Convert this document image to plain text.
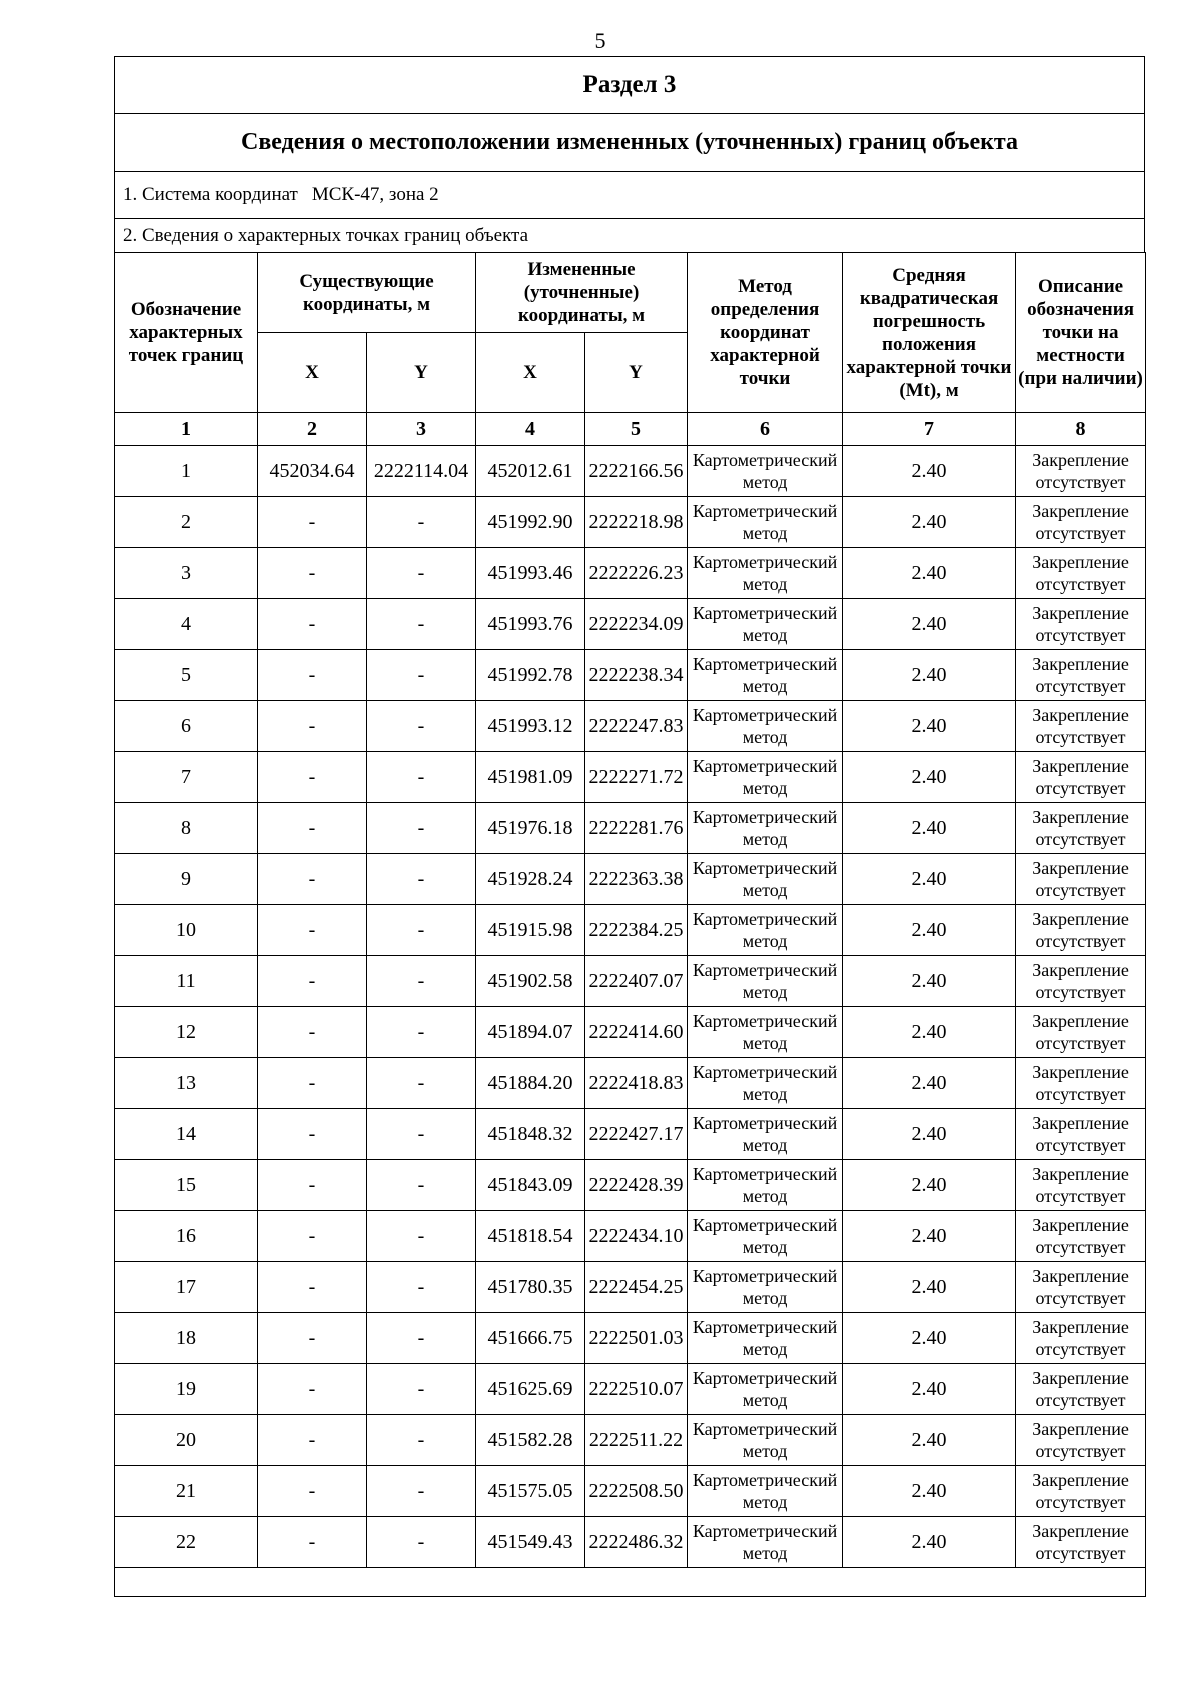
5
Раздел 3
Сведения о местоположении измененных (уточненных) границ объекта
1. Система координат МСК-47, зона 2
2. Сведения о характерных точках границ объекта
Обозначение характерных точек границ	Существующие координаты, м		Измененные (уточненные) координаты, м		Метод определения координат характерной точки	Средняя квадратическая погрешность положения характерной точки (Mt), м	Описание обозначения точки на местности (при наличии)
	X	Y	X	Y			
1	2	3	4	5	6	7	8
1	452034.64	2222114.04	452012.61	2222166.56	Картометрический метод	2.40	Закрепление отсутствует
2	-	-	451992.90	2222218.98	Картометрический метод	2.40	Закрепление отсутствует
3	-	-	451993.46	2222226.23	Картометрический метод	2.40	Закрепление отсутствует
4	-	-	451993.76	2222234.09	Картометрический метод	2.40	Закрепление отсутствует
5	-	-	451992.78	2222238.34	Картометрический метод	2.40	Закрепление отсутствует
6	-	-	451993.12	2222247.83	Картометрический метод	2.40	Закрепление отсутствует
7	-	-	451981.09	2222271.72	Картометрический метод	2.40	Закрепление отсутствует
8	-	-	451976.18	2222281.76	Картометрический метод	2.40	Закрепление отсутствует
9	-	-	451928.24	2222363.38	Картометрический метод	2.40	Закрепление отсутствует
10	-	-	451915.98	2222384.25	Картометрический метод	2.40	Закрепление отсутствует
11	-	-	451902.58	2222407.07	Картометрический метод	2.40	Закрепление отсутствует
12	-	-	451894.07	2222414.60	Картометрический метод	2.40	Закрепление отсутствует
13	-	-	451884.20	2222418.83	Картометрический метод	2.40	Закрепление отсутствует
14	-	-	451848.32	2222427.17	Картометрический метод	2.40	Закрепление отсутствует
15	-	-	451843.09	2222428.39	Картометрический метод	2.40	Закрепление отсутствует
16	-	-	451818.54	2222434.10	Картометрический метод	2.40	Закрепление отсутствует
17	-	-	451780.35	2222454.25	Картометрический метод	2.40	Закрепление отсутствует
18	-	-	451666.75	2222501.03	Картометрический метод	2.40	Закрепление отсутствует
19	-	-	451625.69	2222510.07	Картометрический метод	2.40	Закрепление отсутствует
20	-	-	451582.28	2222511.22	Картометрический метод	2.40	Закрепление отсутствует
21	-	-	451575.05	2222508.50	Картометрический метод	2.40	Закрепление отсутствует
22	-	-	451549.43	2222486.32	Картометрический метод	2.40	Закрепление отсутствует
